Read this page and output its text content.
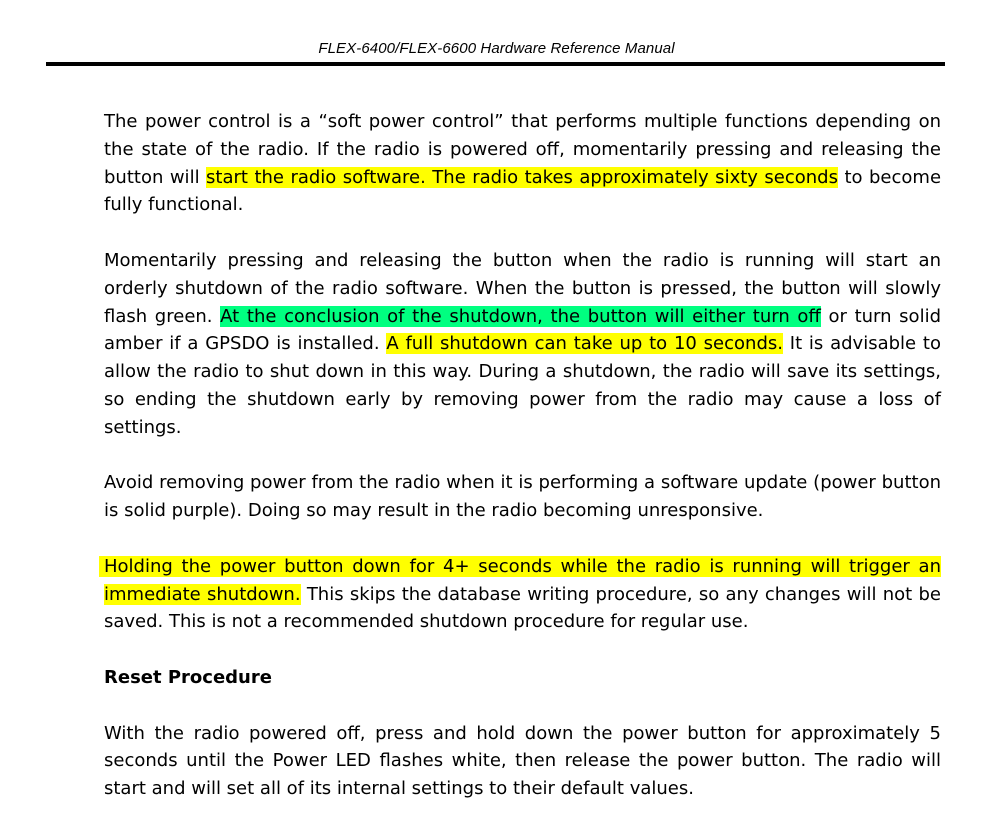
FLEX-6400/FLEX-6600 Hardware Reference Manual

The power control is a “soft power control” that performs multiple functions depending on the state of the radio. If the radio is powered off, momentarily pressing and releasing the button will start the radio software. The radio takes approximately sixty seconds to become fully functional.

Momentarily pressing and releasing the button when the radio is running will start an orderly shutdown of the radio software. When the button is pressed, the button will slowly flash green. At the conclusion of the shutdown, the button will either turn off or turn solid amber if a GPSDO is installed. A full shutdown can take up to 10 seconds. It is advisable to allow the radio to shut down in this way. During a shutdown, the radio will save its settings, so ending the shutdown early by removing power from the radio may cause a loss of settings.

Avoid removing power from the radio when it is performing a software update (power button is solid purple). Doing so may result in the radio becoming unresponsive.

Holding the power button down for 4+ seconds while the radio is running will trigger an immediate shutdown. This skips the database writing procedure, so any changes will not be saved. This is not a recommended shutdown procedure for regular use.

Reset Procedure

With the radio powered off, press and hold down the power button for approximately 5 seconds until the Power LED flashes white, then release the power button. The radio will start and will set all of its internal settings to their default values.
